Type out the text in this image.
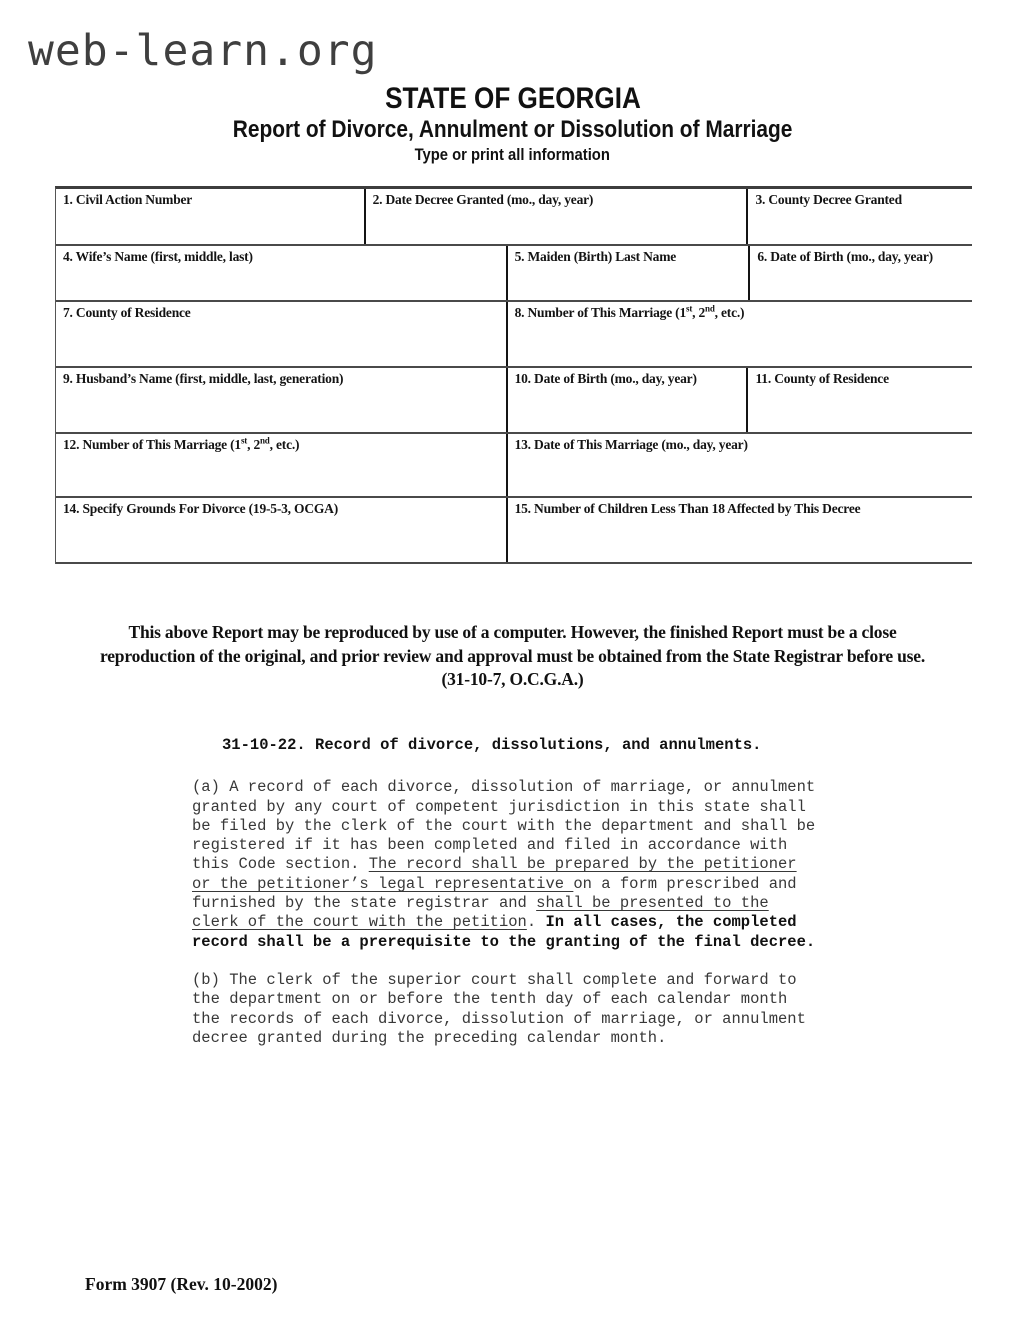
web-learn.org
STATE OF GEORGIA
Report of Divorce, Annulment or Dissolution of Marriage
Type or print all information
1. Civil Action Number	2. Date Decree Granted (mo., day, year)	3. County Decree Granted
4. Wife’s Name (first, middle, last)	5. Maiden (Birth) Last Name	6. Date of Birth (mo., day, year)
7. County of Residence	8. Number of This Marriage (1st, 2nd, etc.)
9. Husband’s Name (first, middle, last, generation)	10. Date of Birth (mo., day, year)	11. County of Residence
12. Number of This Marriage (1st, 2nd, etc.)	13. Date of This Marriage (mo., day, year)
14. Specify Grounds For Divorce (19-5-3, OCGA)	15. Number of Children Less Than 18 Affected by This Decree
This above Report may be reproduced by use of a computer. However, the finished Report must be a close
reproduction of the original, and prior review and approval must be obtained from the State Registrar before use.
(31-10-7, O.C.G.A.)
31-10-22. Record of divorce, dissolutions, and annulments.
(a) A record of each divorce, dissolution of marriage, or annulment granted by any court of competent jurisdiction in this state shall be filed by the clerk of the court with the department and shall be registered if it has been completed and filed in accordance with this Code section. The record shall be prepared by the petitioner or the petitioner’s legal representative on a form prescribed and furnished by the state registrar and shall be presented to the clerk of the court with the petition. In all cases, the completed record shall be a prerequisite to the granting of the final decree.
(b) The clerk of the superior court shall complete and forward to the department on or before the tenth day of each calendar month the records of each divorce, dissolution of marriage, or annulment decree granted during the preceding calendar month.
Form 3907 (Rev. 10-2002)
